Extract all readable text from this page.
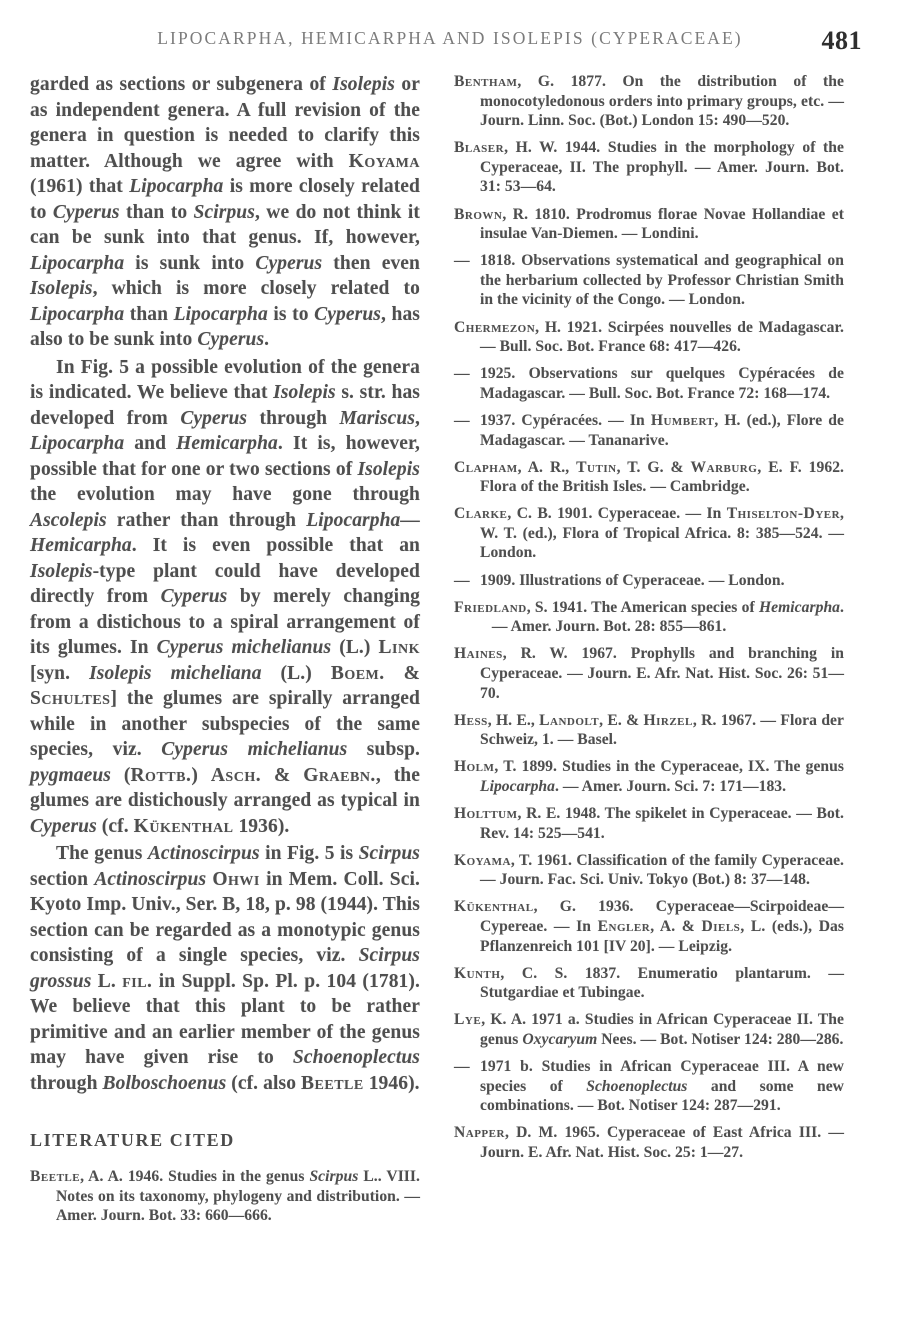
LIPOCARPHA, HEMICARPHA AND ISOLEPIS (CYPERACEAE)	481

garded as sections or subgenera of Isolepis or as independent genera. A full revision of the genera in question is needed to clarify this matter. Although we agree with Koyama (1961) that Lipocarpha is more closely related to Cyperus than to Scirpus, we do not think it can be sunk into that genus. If, however, Lipocarpha is sunk into Cyperus then even Isolepis, which is more closely related to Lipocarpha than Lipocarpha is to Cyperus, has also to be sunk into Cyperus.

In Fig. 5 a possible evolution of the genera is indicated. We believe that Isolepis s. str. has developed from Cyperus through Mariscus, Lipocarpha and Hemicarpha. It is, however, possible that for one or two sections of Isolepis the evolution may have gone through Ascolepis rather than through Lipocarpha—Hemicarpha. It is even possible that an Isolepis-type plant could have developed directly from Cyperus by merely changing from a distichous to a spiral arrangement of its glumes. In Cyperus michelianus (L.) Link [syn. Isolepis micheliana (L.) Boem. & Schultes] the glumes are spirally arranged while in another subspecies of the same species, viz. Cyperus michelianus subsp. pygmaeus (Rottb.) Asch. & Graebn., the glumes are distichously arranged as typical in Cyperus (cf. Kükenthal 1936).

The genus Actinoscirpus in Fig. 5 is Scirpus section Actinoscirpus Ohwi in Mem. Coll. Sci. Kyoto Imp. Univ., Ser. B, 18, p. 98 (1944). This section can be regarded as a monotypic genus consisting of a single species, viz. Scirpus grossus L. fil. in Suppl. Sp. Pl. p. 104 (1781). We believe that this plant to be rather primitive and an earlier member of the genus may have given rise to Schoenoplectus through Bolboschoenus (cf. also Beetle 1946).

LITERATURE CITED

Beetle, A. A. 1946. Studies in the genus Scirpus L.. VIII. Notes on its taxonomy, phylogeny and distribution. — Amer. Journ. Bot. 33: 660—666.

Bentham, G. 1877. On the distribution of the monocotyledonous orders into primary groups, etc. — Journ. Linn. Soc. (Bot.) London 15: 490—520.

Blaser, H. W. 1944. Studies in the morphology of the Cyperaceae, II. The prophyll. — Amer. Journ. Bot. 31: 53—64.

Brown, R. 1810. Prodromus florae Novae Hollandiae et insulae Van-Diemen. — Londini.

— 1818. Observations systematical and geographical on the herbarium collected by Professor Christian Smith in the vicinity of the Congo. — London.

Chermezon, H. 1921. Scirpées nouvelles de Madagascar. — Bull. Soc. Bot. France 68: 417—426.

— 1925. Observations sur quelques Cypéracées de Madagascar. — Bull. Soc. Bot. France 72: 168—174.

— 1937. Cypéracées. — In Humbert, H. (ed.), Flore de Madagascar. — Tananarive.

Clapham, A. R., Tutin, T. G. & Warburg, E. F. 1962. Flora of the British Isles. — Cambridge.

Clarke, C. B. 1901. Cyperaceae. — In Thiselton-Dyer, W. T. (ed.), Flora of Tropical Africa. 8: 385—524. — London.

— 1909. Illustrations of Cyperaceae. — London.

Friedland, S. 1941. The American species of Hemicarpha.    — Amer. Journ. Bot. 28: 855—861.

Haines, R. W. 1967. Prophylls and branching in Cyperaceae. — Journ. E. Afr. Nat. Hist. Soc. 26: 51—70.

Hess, H. E., Landolt, E. & Hirzel, R. 1967. — Flora der Schweiz, 1. — Basel.

Holm, T. 1899. Studies in the Cyperaceae, IX. The genus Lipocarpha. — Amer. Journ. Sci. 7: 171—183.

Holttum, R. E. 1948. The spikelet in Cyperaceae. — Bot. Rev. 14: 525—541.

Koyama, T. 1961. Classification of the family Cyperaceae. — Journ. Fac. Sci. Univ. Tokyo (Bot.) 8: 37—148.

Kükenthal, G. 1936. Cyperaceae—Scirpoideae—Cypereae. — In Engler, A. & Diels, L. (eds.), Das Pflanzenreich 101 [IV 20]. — Leipzig.

Kunth, C. S. 1837. Enumeratio plantarum. — Stutgardiae et Tubingae.

Lye, K. A. 1971 a. Studies in African Cyperaceae II. The genus Oxycaryum Nees. — Bot. Notiser 124: 280—286.

— 1971 b. Studies in African Cyperaceae III. A new species of Schoenoplectus and some new combinations. — Bot. Notiser 124: 287—291.

Napper, D. M. 1965. Cyperaceae of East Africa III. — Journ. E. Afr. Nat. Hist. Soc. 25: 1—27.
